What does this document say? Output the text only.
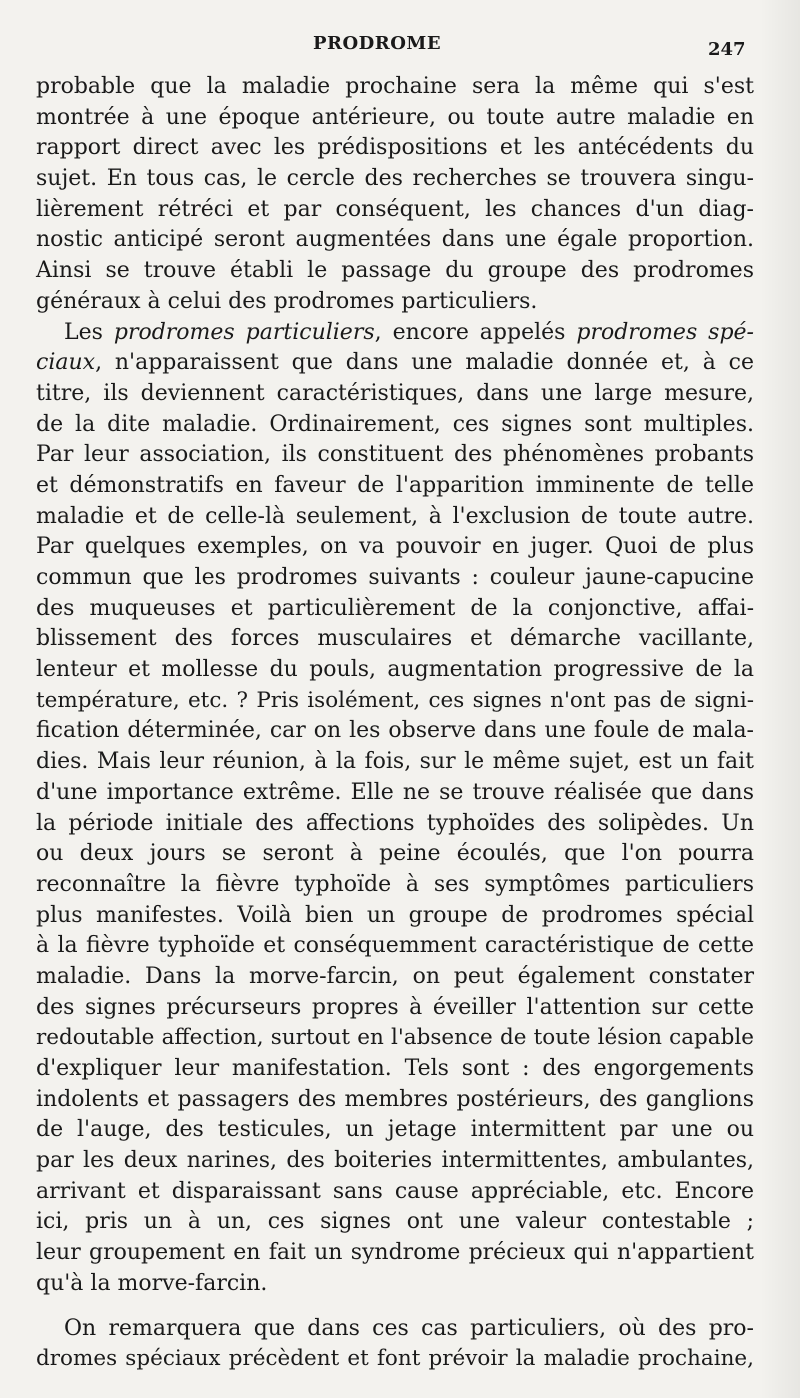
PRODROME	247
probable que la maladie prochaine sera la même qui s'est
montrée à une époque antérieure, ou toute autre maladie en
rapport direct avec les prédispositions et les antécédents du
sujet. En tous cas, le cercle des recherches se trouvera singu-
lièrement rétréci et par conséquent, les chances d'un diag-
nostic anticipé seront augmentées dans une égale proportion.
Ainsi se trouve établi le passage du groupe des prodromes
généraux à celui des prodromes particuliers.
Les prodromes particuliers, encore appelés prodromes spé-
ciaux, n'apparaissent que dans une maladie donnée et, à ce
titre, ils deviennent caractéristiques, dans une large mesure,
de la dite maladie. Ordinairement, ces signes sont multiples.
Par leur association, ils constituent des phénomènes probants
et démonstratifs en faveur de l'apparition imminente de telle
maladie et de celle-là seulement, à l'exclusion de toute autre.
Par quelques exemples, on va pouvoir en juger. Quoi de plus
commun que les prodromes suivants : couleur jaune-capucine
des muqueuses et particulièrement de la conjonctive, affai-
blissement des forces musculaires et démarche vacillante,
lenteur et mollesse du pouls, augmentation progressive de la
température, etc. ? Pris isolément, ces signes n'ont pas de signi-
fication déterminée, car on les observe dans une foule de mala-
dies. Mais leur réunion, à la fois, sur le même sujet, est un fait
d'une importance extrême. Elle ne se trouve réalisée que dans
la période initiale des affections typhoïdes des solipèdes. Un
ou deux jours se seront à peine écoulés, que l'on pourra
reconnaître la fièvre typhoïde à ses symptômes particuliers
plus manifestes. Voilà bien un groupe de prodromes spécial
à la fièvre typhoïde et conséquemment caractéristique de cette
maladie. Dans la morve-farcin, on peut également constater
des signes précurseurs propres à éveiller l'attention sur cette
redoutable affection, surtout en l'absence de toute lésion capable
d'expliquer leur manifestation. Tels sont : des engorgements
indolents et passagers des membres postérieurs, des ganglions
de l'auge, des testicules, un jetage intermittent par une ou
par les deux narines, des boiteries intermittentes, ambulantes,
arrivant et disparaissant sans cause appréciable, etc. Encore
ici, pris un à un, ces signes ont une valeur contestable ;
leur groupement en fait un syndrome précieux qui n'appartient
qu'à la morve-farcin.
On remarquera que dans ces cas particuliers, où des pro-
dromes spéciaux précèdent et font prévoir la maladie prochaine,
